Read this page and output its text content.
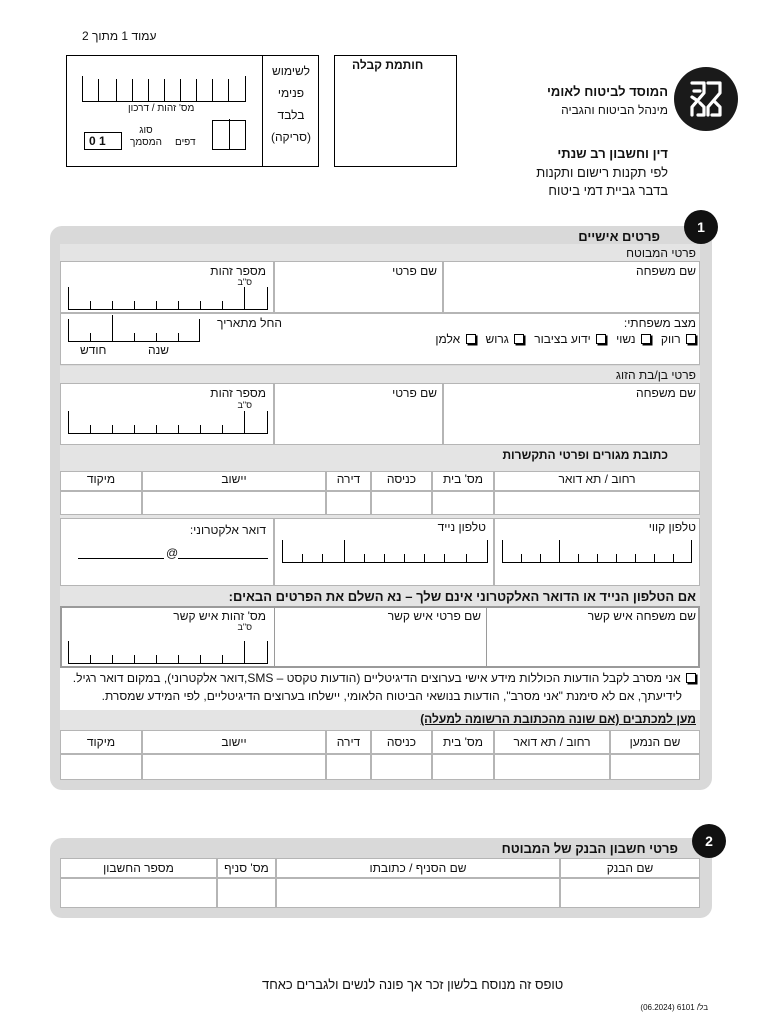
עמוד 1 מתוך 2
לשימוש
פנימי
בלבד
(סריקה)
מס' זהות / דרכון
0 1
סוג
המסמך	דפים
חותמת קבלה
המוסד לביטוח לאומי
מינהל הביטוח והגביה
דין וחשבון רב שנתי
לפי תקנות רישום ותקנות
בדבר גביית דמי ביטוח
1
פרטים אישיים
פרטי המבוטח
שם משפחה
שם פרטי
מספר זהות
ס"ב
מצב משפחתי:
רווק    נשוי    ידוע בציבור    גרוש    אלמן
החל מתאריך
חודש	שנה
פרטי בן/בת הזוג
שם משפחה
שם פרטי
מספר זהות
ס"ב
כתובת מגורים ופרטי התקשרות
רחוב / תא דואר
מס' בית
כניסה
דירה
יישוב
מיקוד
טלפון קווי
טלפון נייד
דואר אלקטרוני:
@
אם הטלפון הנייד או הדואר האלקטרוני אינם שלך – נא השלם את הפרטים הבאים:
שם משפחה איש קשר
שם פרטי איש קשר
מס' זהות איש קשר
ס"ב
אני מסרב לקבל הודעות הכוללות מידע אישי בערוצים הדיגיטליים (הודעות טקסט – SMS,דואר אלקטרוני), במקום דואר רגיל.
לידיעתך, אם לא סימנת "אני מסרב", הודעות בנושאי הביטוח הלאומי, יישלחו בערוצים הדיגיטליים, לפי המידע שמסרת.
מען למכתבים (אם שונה מהכתובת הרשומה למעלה)
שם הנמען
רחוב / תא דואר
מס' בית
כניסה
דירה
יישוב
מיקוד
2
פרטי חשבון הבנק של המבוטח
שם הבנק
שם הסניף / כתובתו
מס' סניף
מספר החשבון
טופס זה מנוסח בלשון זכר אך פונה לנשים ולגברים כאחד
בל/ 6101 (06.2024)
